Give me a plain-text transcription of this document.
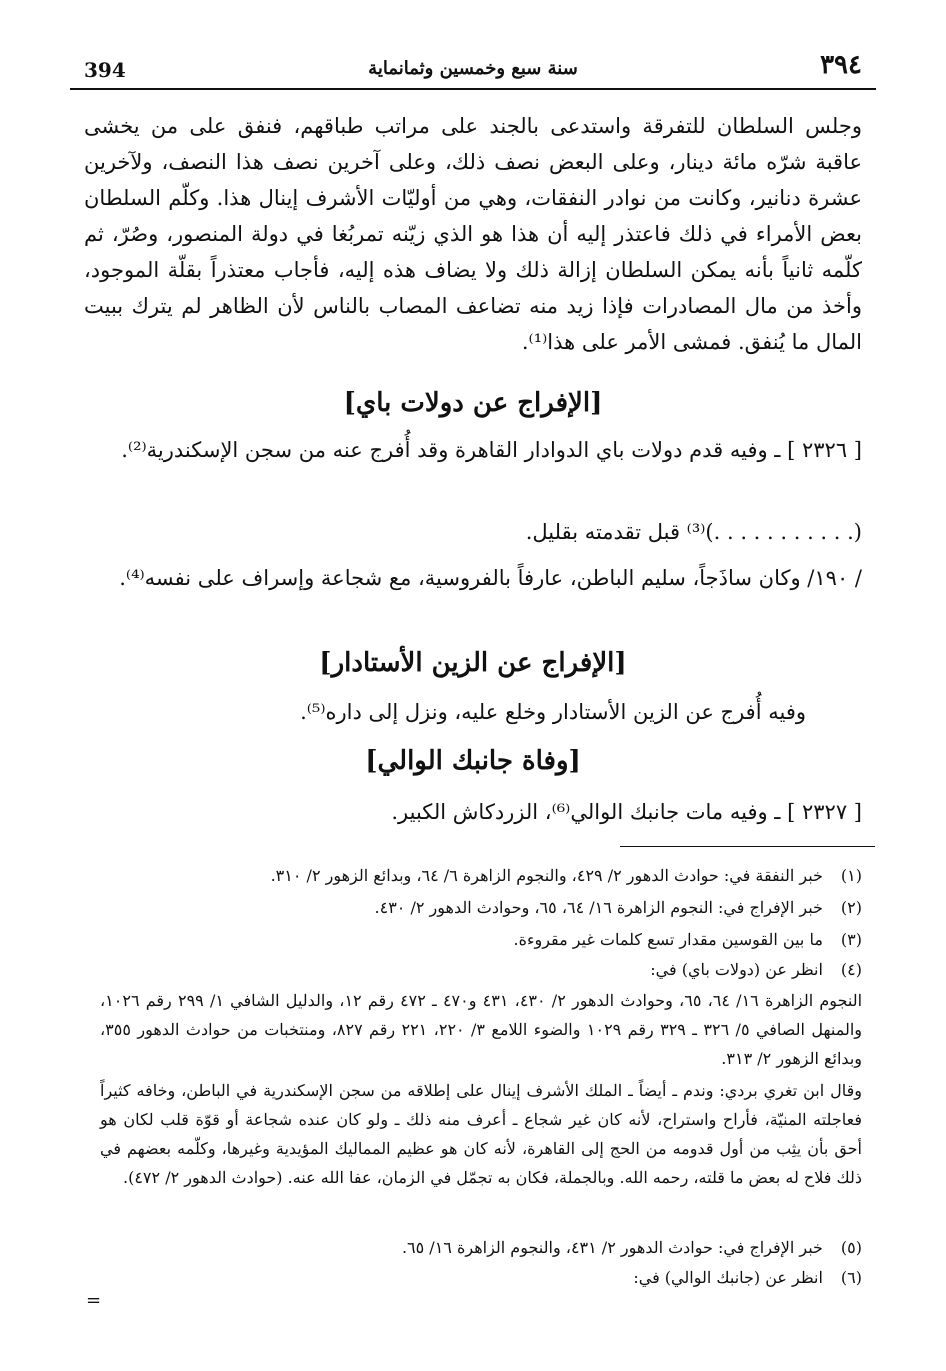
394	سنة سبع وخمسين وثمانماية	٣٩٤
وجلس السلطان للتفرقة واستدعى بالجند على مراتب طباقهم، فنفق على من يخشى عاقبة شرّه مائة دينار، وعلى البعض نصف ذلك، وعلى آخرين نصف هذا النصف، ولآخرين عشرة دنانير، وكانت من نوادر النفقات، وهي من أوليّات الأشرف إينال هذا. وكلّم السلطان بعض الأمراء في ذلك فاعتذر إليه أن هذا هو الذي زيّنه تمربُغا في دولة المنصور، وصُرّ، ثم كلّمه ثانياً بأنه يمكن السلطان إزالة ذلك ولا يضاف هذه إليه، فأجاب معتذراً بقلّة الموجود، وأخذ من مال المصادرات فإذا زيد منه تضاعف المصاب بالناس لأن الظاهر لم يترك ببيت المال ما يُنفق. فمشى الأمر على هذا⁽¹⁾.
[الإفراج عن دولات باي]
[ ٢٣٢٦ ] ـ وفيه قدم دولات باي الدوادار القاهرة وقد أُفرج عنه من سجن الإسكندرية⁽²⁾.
(. . . . . . . . . . .)⁽³⁾ قبل تقدمته بقليل.
/ ١٩٠/ وكان ساذَجاً، سليم الباطن، عارفاً بالفروسية، مع شجاعة وإسراف على نفسه⁽⁴⁾.
[الإفراج عن الزين الأستادار]
وفيه أُفرج عن الزين الأستادار وخلع عليه، ونزل إلى داره⁽⁵⁾.
[وفاة جانبك الوالي]
[ ٢٣٢٧ ] ـ وفيه مات جانبك الوالي⁽⁶⁾، الزردكاش الكبير.
(١) خبر النفقة في: حوادث الدهور ٢/ ٤٢٩، والنجوم الزاهرة ٦/ ٦٤، وبدائع الزهور ٢/ ٣١٠.
(٢) خبر الإفراج في: النجوم الزاهرة ١٦/ ٦٤، ٦٥، وحوادث الدهور ٢/ ٤٣٠.
(٣) ما بين القوسين مقدار تسع كلمات غير مقروءة.
(٤) انظر عن (دولات باي) في:
النجوم الزاهرة ١٦/ ٦٤، ٦٥، وحوادث الدهور ٢/ ٤٣٠، ٤٣١ و٤٧٠ ـ ٤٧٢ رقم ١٢، والدليل الشافي ١/ ٢٩٩ رقم ١٠٢٦، والمنهل الصافي ٥/ ٣٢٦ ـ ٣٢٩ رقم ١٠٢٩ والضوء اللامع ٣/ ٢٢٠، ٢٢١ رقم ٨٢٧، ومنتخبات من حوادث الدهور ٣٥٥، وبدائع الزهور ٢/ ٣١٣.
وقال ابن تغري بردي: وندم ـ أيضاً ـ الملك الأشرف إينال على إطلاقه من سجن الإسكندرية في الباطن، وخافه كثيراً فعاجلته المنيّة، فأراح واستراح، لأنه كان غير شجاع ـ أعرف منه ذلك ـ ولو كان عنده شجاعة أو قوّة قلب لكان هو أحق بأن يثِب من أول قدومه من الحج إلى القاهرة، لأنه كان هو عظيم المماليك المؤيدية وغيرها، وكلّمه بعضهم في ذلك فلاح له بعض ما قلته، رحمه الله. وبالجملة، فكان به تجمّل في الزمان، عفا الله عنه. (حوادث الدهور ٢/ ٤٧٢).
(٥) خبر الإفراج في: حوادث الدهور ٢/ ٤٣١، والنجوم الزاهرة ١٦/ ٦٥.
(٦) انظر عن (جانبك الوالي) في:
=
